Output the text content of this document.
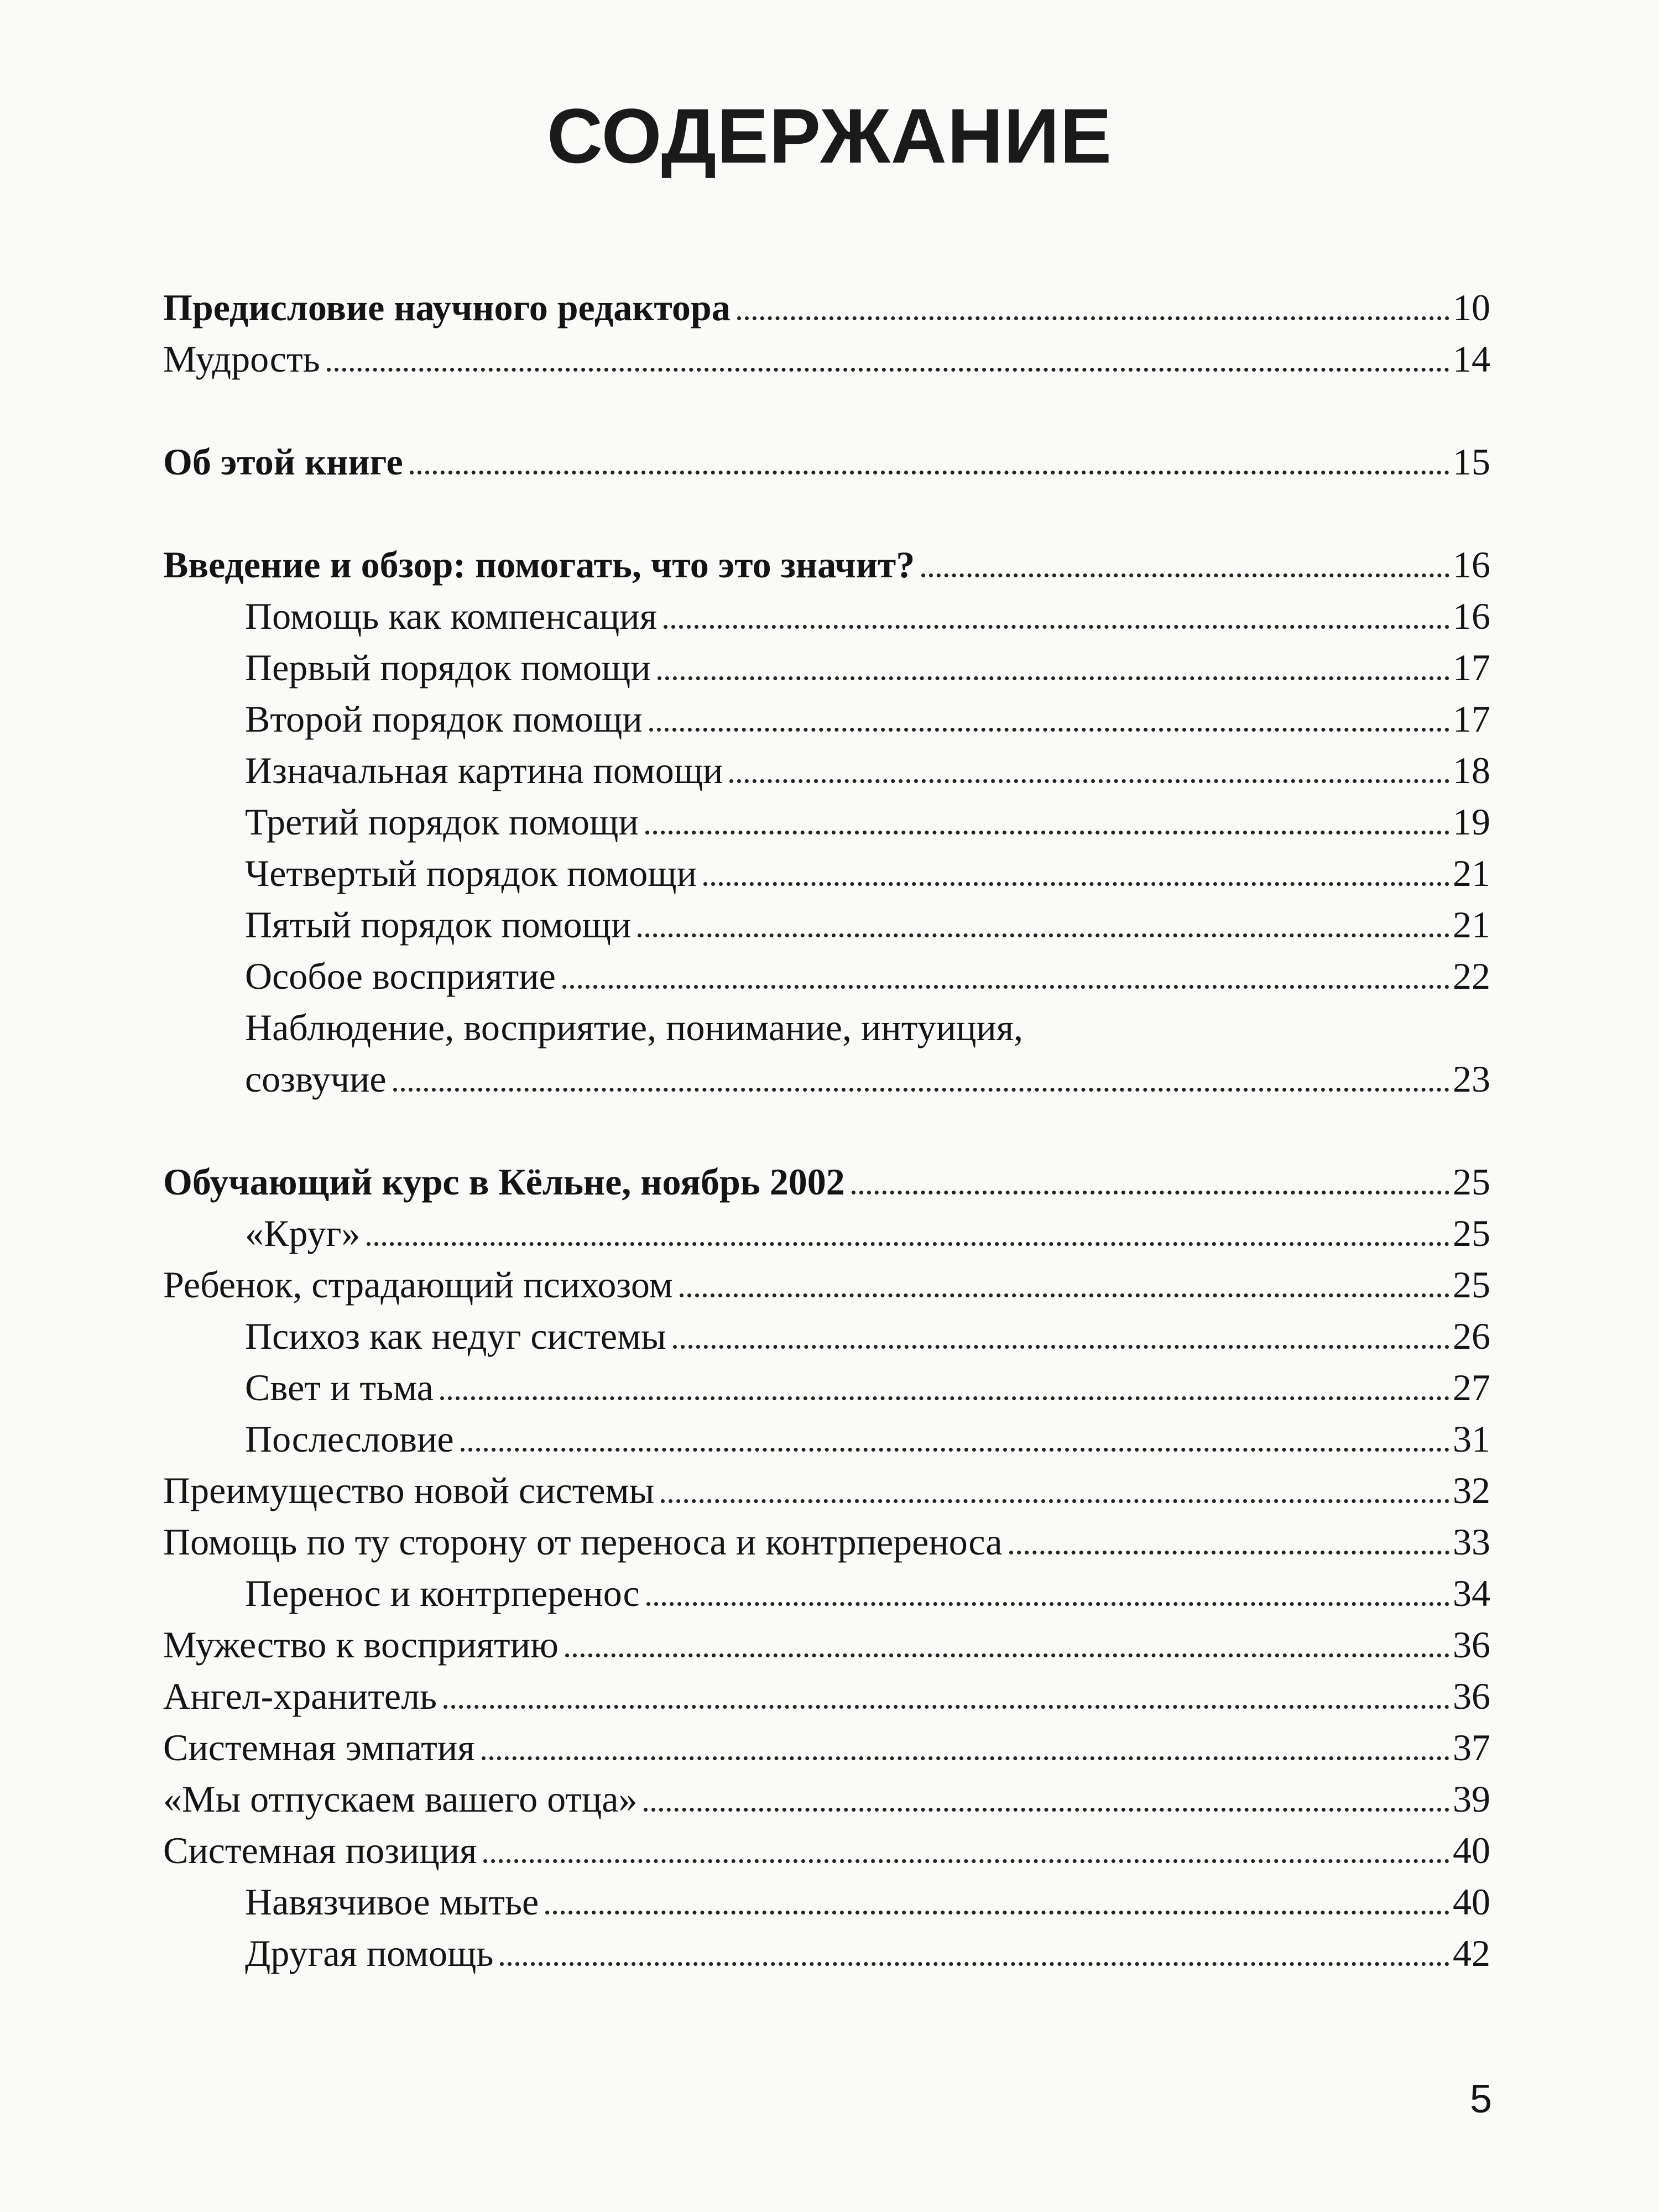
СОДЕРЖАНИЕ
Предисловие научного редактора	10
Мудрость	14
Об этой книге	15
Введение и обзор: помогать, что это значит?	16
Помощь как компенсация	16
Первый порядок помощи	17
Второй порядок помощи	17
Изначальная картина помощи	18
Третий порядок помощи	19
Четвертый порядок помощи	21
Пятый порядок помощи	21
Особое восприятие	22
Наблюдение, восприятие, понимание, интуиция,
созвучие	23
Обучающий курс в Кёльне, ноябрь 2002	25
«Круг»	25
Ребенок, страдающий психозом	25
Психоз как недуг системы	26
Свет и тьма	27
Послесловие	31
Преимущество новой системы	32
Помощь по ту сторону от переноса и контрпереноса	33
Перенос и контрперенос	34
Мужество к восприятию	36
Ангел-хранитель	36
Системная эмпатия	37
«Мы отпускаем вашего отца»	39
Системная позиция	40
Навязчивое мытье	40
Другая помощь	42
5
